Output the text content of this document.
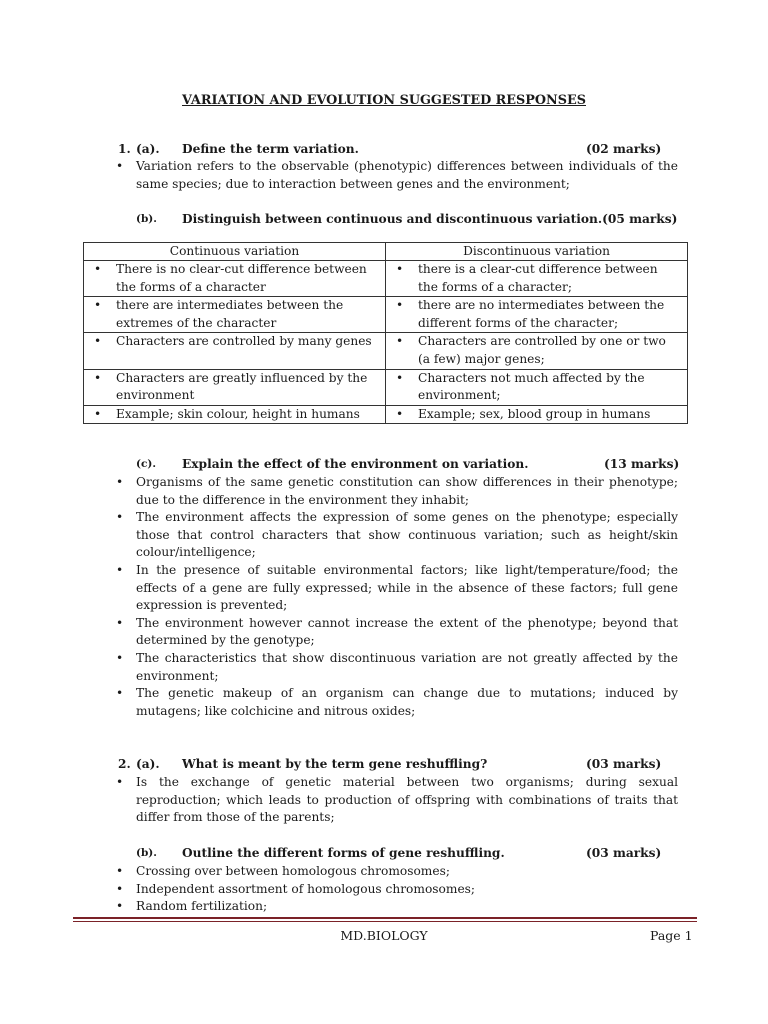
VARIATION AND EVOLUTION SUGGESTED RESPONSES
1. (a). Define the term variation.	(02 marks)
• Variation refers to the observable (phenotypic) differences between individuals of the same species; due to interaction between genes and the environment;
(b). Distinguish between continuous and discontinuous variation.(05 marks)
Continuous variation	Discontinuous variation

• There is no clear-cut difference between the forms of a character	• there is a clear-cut difference between the forms of a character;

• there are intermediates between the extremes of the character	• there are no intermediates between the different forms of the character;

• Characters are controlled by many genes	• Characters are controlled by one or two (a few) major genes;

• Characters are greatly influenced by the environment	• Characters not much affected by the environment;

• Example; skin colour, height in humans	• Example; sex, blood group in humans
(c). Explain the effect of the environment on variation.	(13 marks)
• Organisms of the same genetic constitution can show differences in their phenotype; due to the difference in the environment they inhabit;
• The environment affects the expression of some genes on the phenotype; especially those that control characters that show continuous variation; such as height/skin colour/intelligence;
• In the presence of suitable environmental factors; like light/temperature/food; the effects of a gene are fully expressed; while in the absence of these factors; full gene expression is prevented;
• The environment however cannot increase the extent of the phenotype; beyond that determined by the genotype;
• The characteristics that show discontinuous variation are not greatly affected by the environment;
• The genetic makeup of an organism can change due to mutations; induced by mutagens; like colchicine and nitrous oxides;
2. (a). What is meant by the term gene reshuffling?	(03 marks)
• Is the exchange of genetic material between two organisms; during sexual reproduction; which leads to production of offspring with combinations of traits that differ from those of the parents;
(b). Outline the different forms of gene reshuffling.	(03 marks)
• Crossing over between homologous chromosomes;
• Independent assortment of homologous chromosomes;
• Random fertilization;
MD.BIOLOGY	Page 1
